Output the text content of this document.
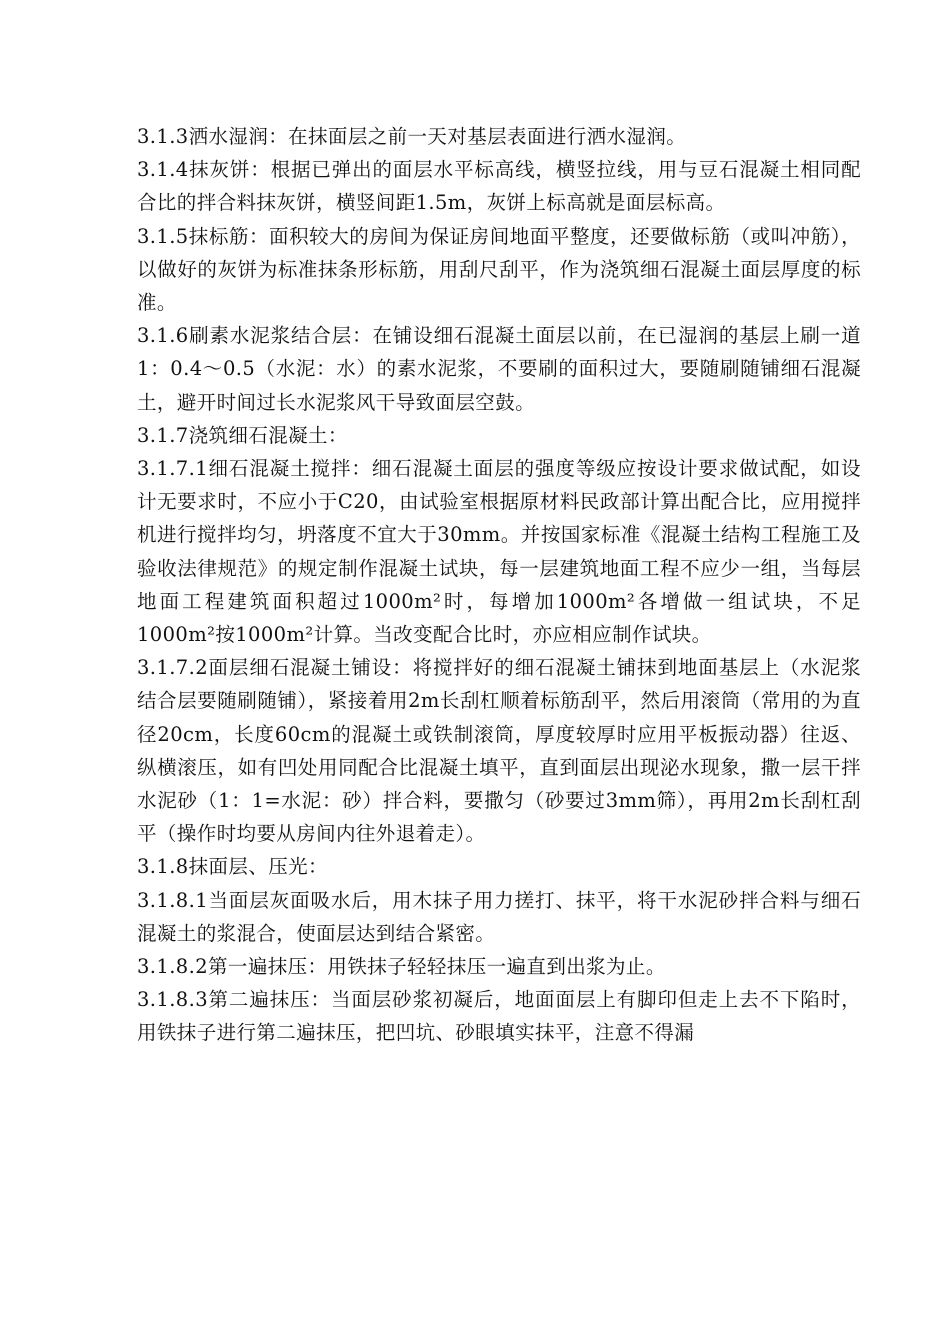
3.1.3洒水湿润：在抹面层之前一天对基层表面进行洒水湿润。

3.1.4抹灰饼：根据已弹出的面层水平标高线，横竖拉线，用与豆石混凝土相同配合比的拌合料抹灰饼，横竖间距1.5m，灰饼上标高就是面层标高。

3.1.5抹标筋：面积较大的房间为保证房间地面平整度，还要做标筋（或叫冲筋），以做好的灰饼为标准抹条形标筋，用刮尺刮平，作为浇筑细石混凝土面层厚度的标准。

3.1.6刷素水泥浆结合层：在铺设细石混凝土面层以前，在已湿润的基层上刷一道1：0.4～0.5（水泥：水）的素水泥浆，不要刷的面积过大，要随刷随铺细石混凝土，避开时间过长水泥浆风干导致面层空鼓。

3.1.7浇筑细石混凝土：

3.1.7.1细石混凝土搅拌：细石混凝土面层的强度等级应按设计要求做试配，如设计无要求时，不应小于C20，由试验室根据原材料民政部计算出配合比，应用搅拌机进行搅拌均匀，坍落度不宜大于30mm。并按国家标准《混凝土结构工程施工及验收法律规范》的规定制作混凝土试块，每一层建筑地面工程不应少一组，当每层地面工程建筑面积超过1000m²时，每增加1000m²各增做一组试块，不足1000m²按1000m²计算。当改变配合比时，亦应相应制作试块。

3.1.7.2面层细石混凝土铺设：将搅拌好的细石混凝土铺抹到地面基层上（水泥浆结合层要随刷随铺），紧接着用2m长刮杠顺着标筋刮平，然后用滚筒（常用的为直径20cm，长度60cm的混凝土或铁制滚筒，厚度较厚时应用平板振动器）往返、纵横滚压，如有凹处用同配合比混凝土填平，直到面层出现泌水现象，撒一层干拌水泥砂（1：1=水泥：砂）拌合料，要撒匀（砂要过3mm筛），再用2m长刮杠刮平（操作时均要从房间内往外退着走）。

3.1.8抹面层、压光：

3.1.8.1当面层灰面吸水后，用木抹子用力搓打、抹平，将干水泥砂拌合料与细石混凝土的浆混合，使面层达到结合紧密。

3.1.8.2第一遍抹压：用铁抹子轻轻抹压一遍直到出浆为止。

3.1.8.3第二遍抹压：当面层砂浆初凝后，地面面层上有脚印但走上去不下陷时，用铁抹子进行第二遍抹压，把凹坑、砂眼填实抹平，注意不得漏
